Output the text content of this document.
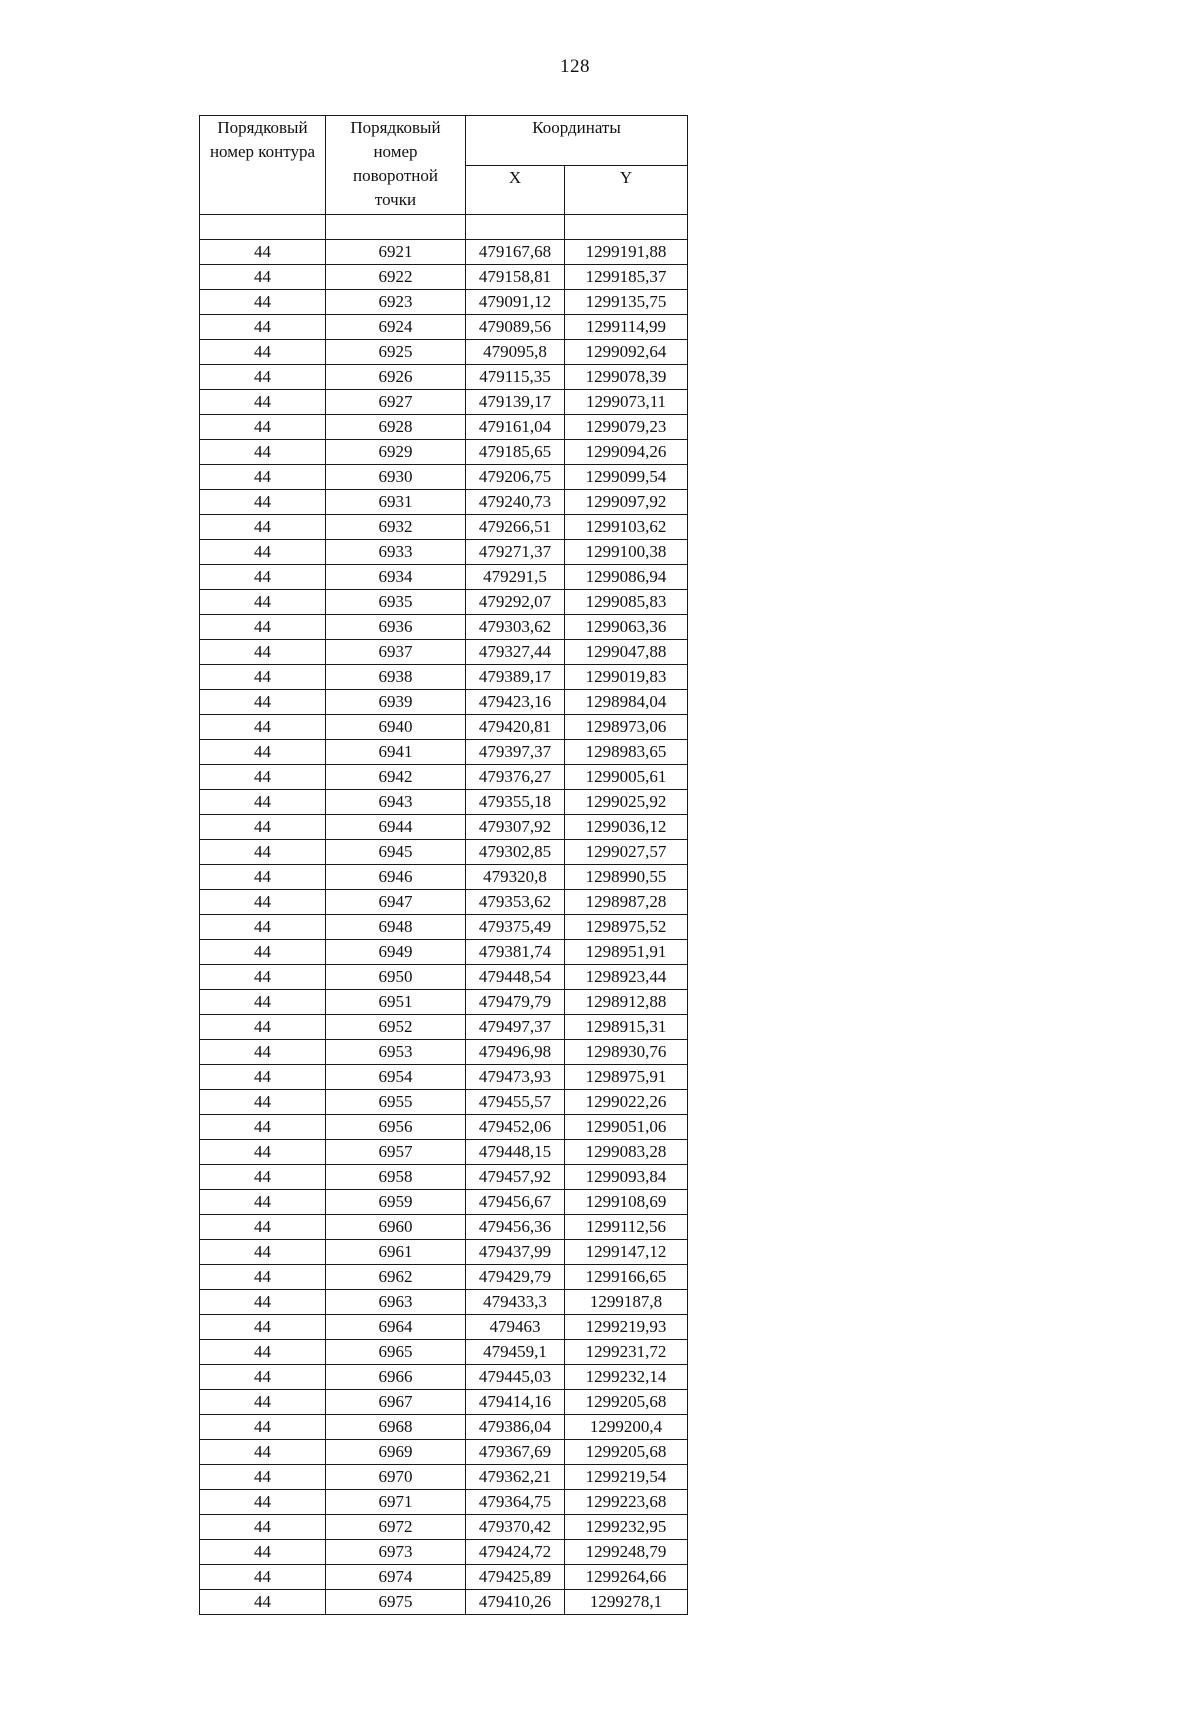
128
Порядковый
номер контура	Порядковый
номер
поворотной
точки	Координаты	
		X	Y

44	6921	479167,68	1299191,88
44	6922	479158,81	1299185,37
44	6923	479091,12	1299135,75
44	6924	479089,56	1299114,99
44	6925	479095,8	1299092,64
44	6926	479115,35	1299078,39
44	6927	479139,17	1299073,11
44	6928	479161,04	1299079,23
44	6929	479185,65	1299094,26
44	6930	479206,75	1299099,54
44	6931	479240,73	1299097,92
44	6932	479266,51	1299103,62
44	6933	479271,37	1299100,38
44	6934	479291,5	1299086,94
44	6935	479292,07	1299085,83
44	6936	479303,62	1299063,36
44	6937	479327,44	1299047,88
44	6938	479389,17	1299019,83
44	6939	479423,16	1298984,04
44	6940	479420,81	1298973,06
44	6941	479397,37	1298983,65
44	6942	479376,27	1299005,61
44	6943	479355,18	1299025,92
44	6944	479307,92	1299036,12
44	6945	479302,85	1299027,57
44	6946	479320,8	1298990,55
44	6947	479353,62	1298987,28
44	6948	479375,49	1298975,52
44	6949	479381,74	1298951,91
44	6950	479448,54	1298923,44
44	6951	479479,79	1298912,88
44	6952	479497,37	1298915,31
44	6953	479496,98	1298930,76
44	6954	479473,93	1298975,91
44	6955	479455,57	1299022,26
44	6956	479452,06	1299051,06
44	6957	479448,15	1299083,28
44	6958	479457,92	1299093,84
44	6959	479456,67	1299108,69
44	6960	479456,36	1299112,56
44	6961	479437,99	1299147,12
44	6962	479429,79	1299166,65
44	6963	479433,3	1299187,8
44	6964	479463	1299219,93
44	6965	479459,1	1299231,72
44	6966	479445,03	1299232,14
44	6967	479414,16	1299205,68
44	6968	479386,04	1299200,4
44	6969	479367,69	1299205,68
44	6970	479362,21	1299219,54
44	6971	479364,75	1299223,68
44	6972	479370,42	1299232,95
44	6973	479424,72	1299248,79
44	6974	479425,89	1299264,66
44	6975	479410,26	1299278,1
